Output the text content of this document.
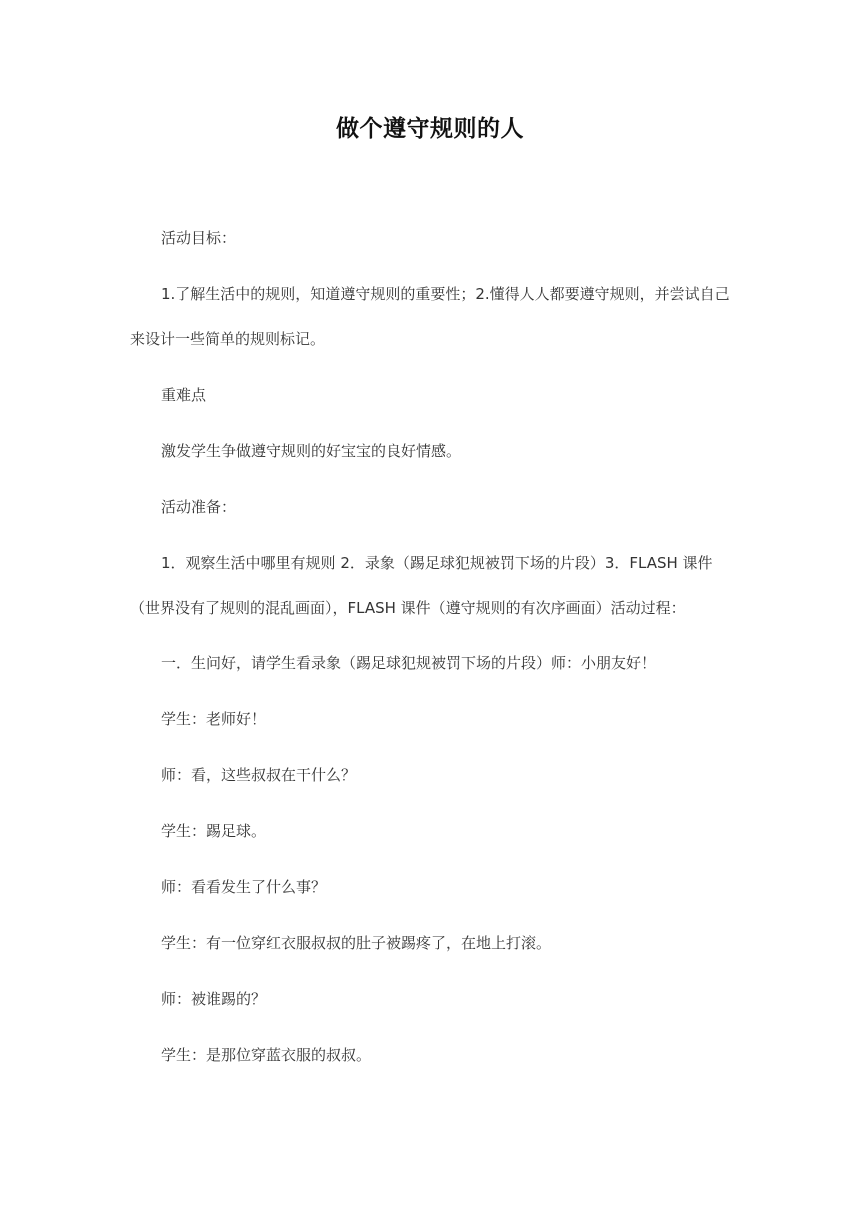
做个遵守规则的人

活动目标：

1.了解生活中的规则，知道遵守规则的重要性；2.懂得人人都要遵守规则，并尝试自己来设计一些简单的规则标记。

重难点

激发学生争做遵守规则的好宝宝的良好情感。

活动准备：

1．观察生活中哪里有规则 2．录象（踢足球犯规被罚下场的片段）3．FLASH 课件（世界没有了规则的混乱画面），FLASH 课件（遵守规则的有次序画面）活动过程：

一．生问好，请学生看录象（踢足球犯规被罚下场的片段）师：小朋友好！

学生：老师好！

师：看，这些叔叔在干什么？

学生：踢足球。

师：看看发生了什么事？

学生：有一位穿红衣服叔叔的肚子被踢疼了，在地上打滚。

师：被谁踢的？

学生：是那位穿蓝衣服的叔叔。
